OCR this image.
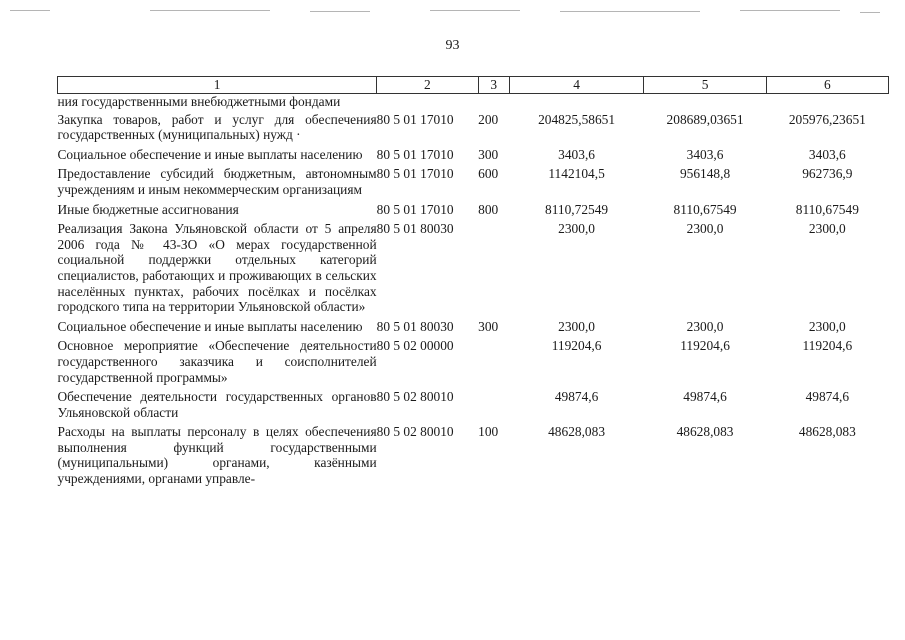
93
1	2	3	4	5	6
ния государственными внебюджетными фондами					
Закупка товаров, работ и услуг для обеспечения государственных (муниципальных) нужд ·	80 5 01 17010	200	204825,58651	208689,03651	205976,23651
Социальное обеспечение и иные выплаты населению	80 5 01 17010	300	3403,6	3403,6	3403,6
Предоставление субсидий бюджетным, автономным учреждениям и иным некоммерческим организациям	80 5 01 17010	600	1142104,5	956148,8	962736,9
Иные бюджетные ассигнования	80 5 01 17010	800	8110,72549	8110,67549	8110,67549
Реализация Закона Ульяновской области от 5 апреля 2006 года № 43-ЗО «О мерах государственной социальной поддержки отдельных категорий специалистов, работающих и проживающих в сельских населённых пунктах, рабочих посёлках и посёлках городского типа на территории Ульяновской области»	80 5 01 80030		2300,0	2300,0	2300,0
Социальное обеспечение и иные выплаты населению	80 5 01 80030	300	2300,0	2300,0	2300,0
Основное мероприятие «Обеспечение деятельности государственного заказчика и соисполнителей государственной программы»	80 5 02 00000		119204,6	119204,6	119204,6
Обеспечение деятельности государственных органов Ульяновской области	80 5 02 80010		49874,6	49874,6	49874,6
Расходы на выплаты персоналу в целях обеспечения выполнения функций государственными (муниципальными) органами, казёнными учреждениями, органами управле-	80 5 02 80010	100	48628,083	48628,083	48628,083
